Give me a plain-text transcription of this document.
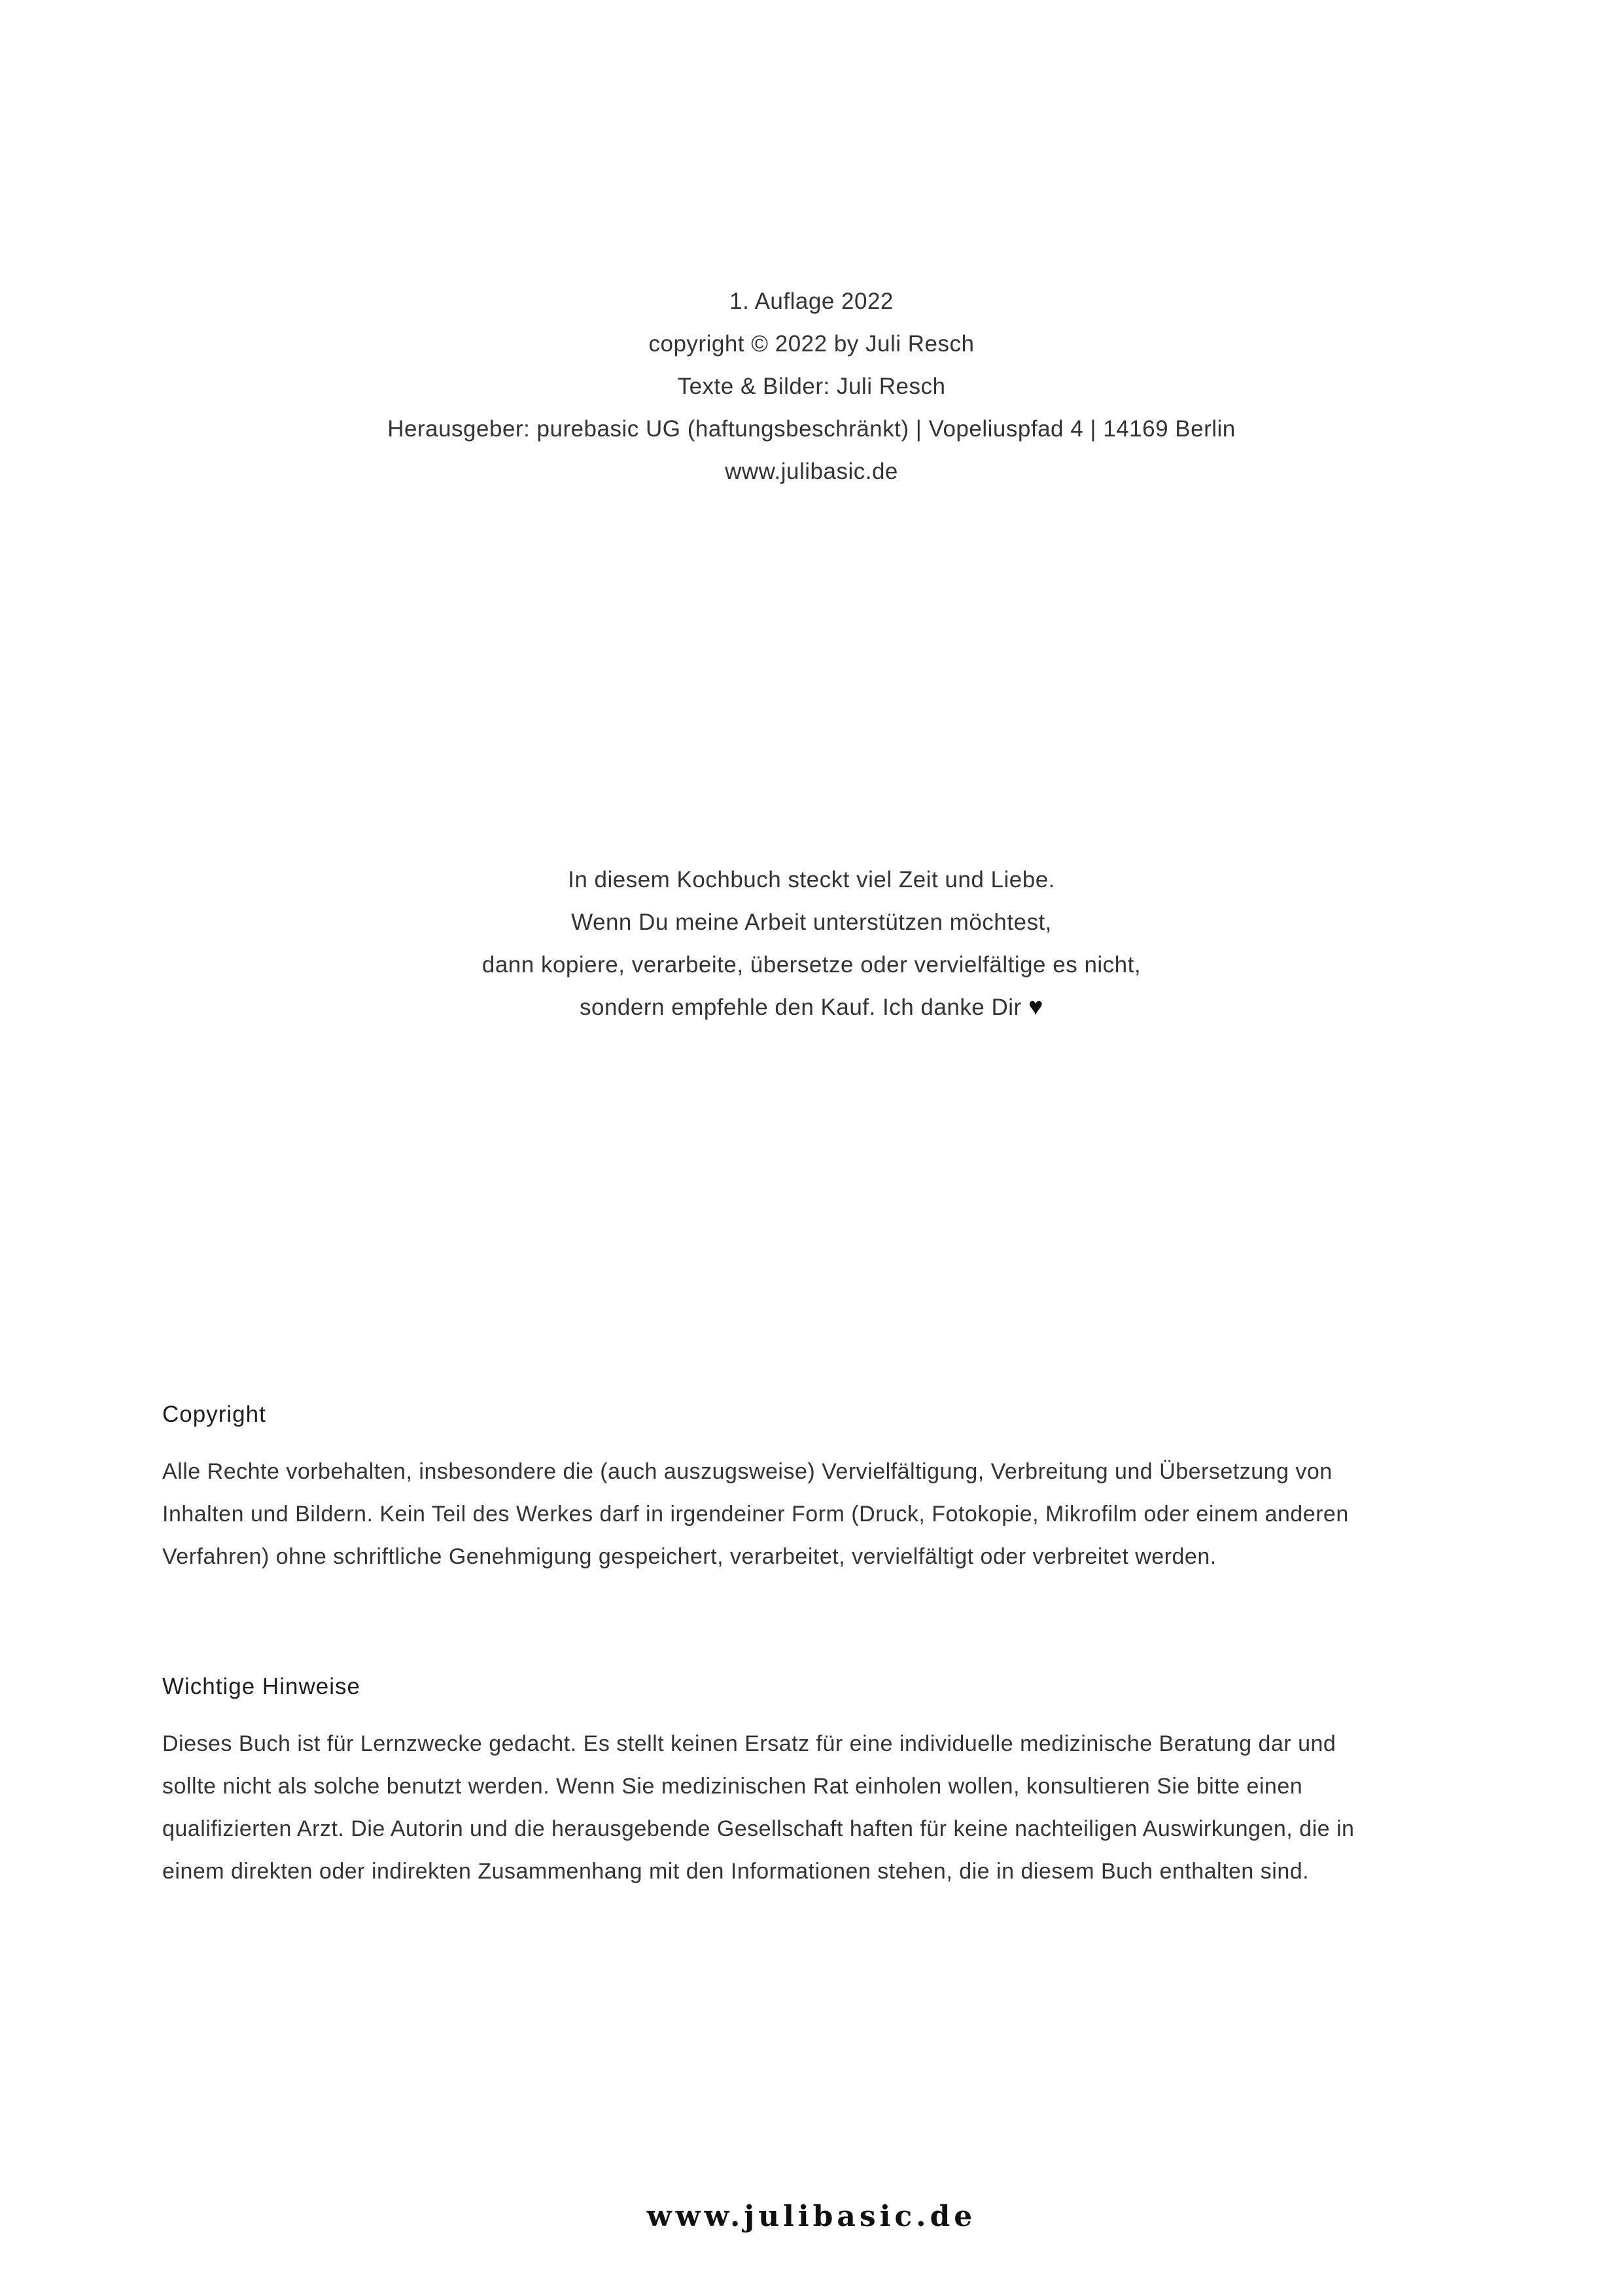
1. Auflage 2022
copyright © 2022 by Juli Resch
Texte & Bilder: Juli Resch
Herausgeber: purebasic UG (haftungsbeschränkt) | Vopeliuspfad 4 | 14169 Berlin
www.julibasic.de
In diesem Kochbuch steckt viel Zeit und Liebe.
Wenn Du meine Arbeit unterstützen möchtest,
dann kopiere, verarbeite, übersetze oder vervielfältige es nicht,
sondern empfehle den Kauf. Ich danke Dir ♥
Copyright
Alle Rechte vorbehalten, insbesondere die (auch auszugsweise) Vervielfältigung, Verbreitung und Übersetzung von
Inhalten und Bildern. Kein Teil des Werkes darf in irgendeiner Form (Druck, Fotokopie, Mikrofilm oder einem anderen
Verfahren) ohne schriftliche Genehmigung gespeichert, verarbeitet, vervielfältigt oder verbreitet werden.
Wichtige Hinweise
Dieses Buch ist für Lernzwecke gedacht. Es stellt keinen Ersatz für eine individuelle medizinische Beratung dar und
sollte nicht als solche benutzt werden. Wenn Sie medizinischen Rat einholen wollen, konsultieren Sie bitte einen
qualifizierten Arzt. Die Autorin und die herausgebende Gesellschaft haften für keine nachteiligen Auswirkungen, die in
einem direkten oder indirekten Zusammenhang mit den Informationen stehen, die in diesem Buch enthalten sind.
www.julibasic.de
